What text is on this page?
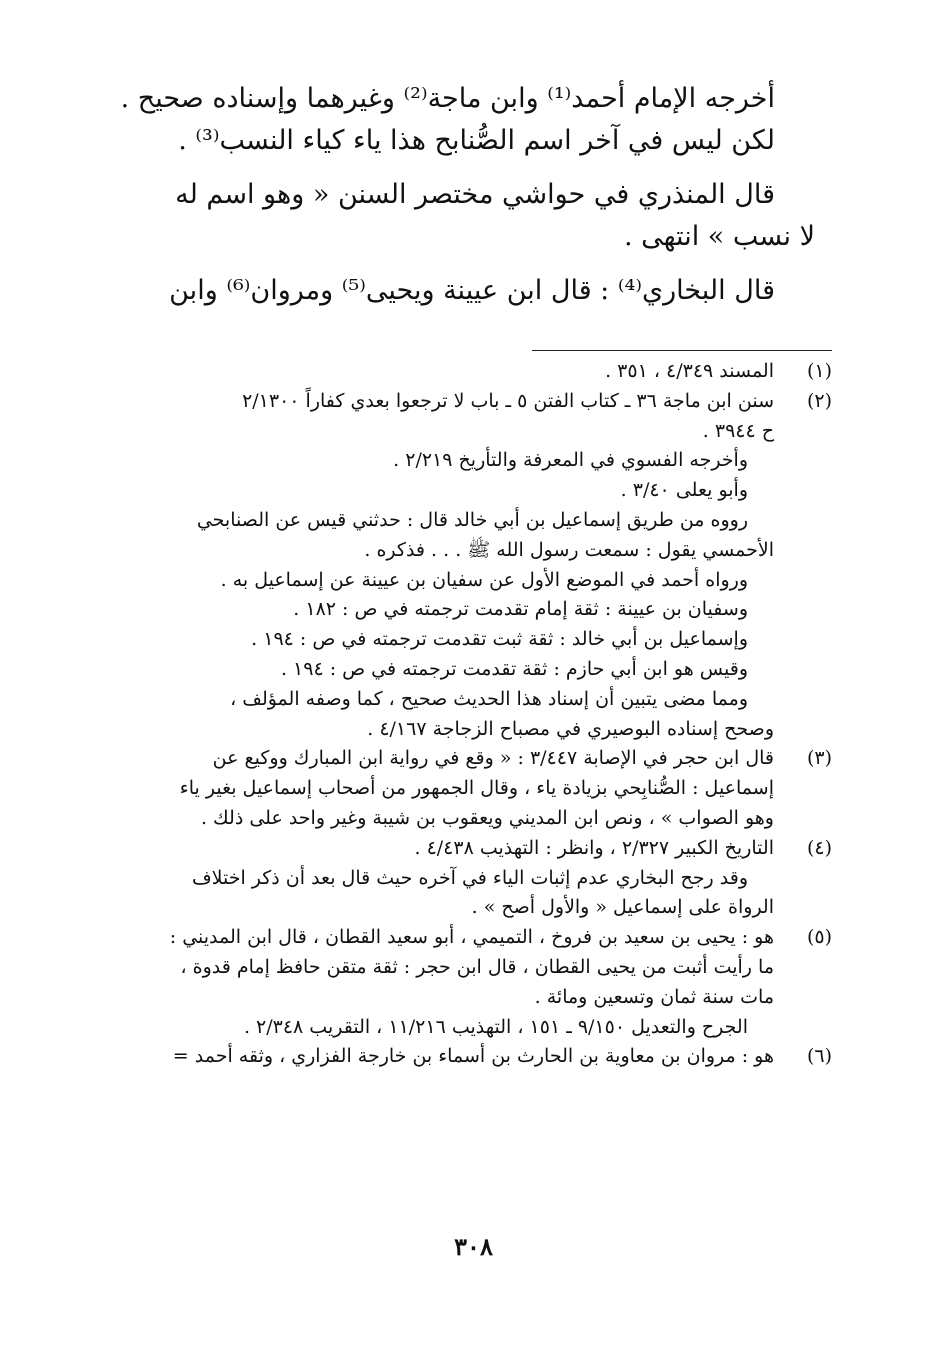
أخرجه الإمام أحمد⁽¹⁾ وابن ماجة⁽²⁾ وغيرهما وإسناده صحيح .

لكن ليس في آخر اسم الصُّنابح هذا ياء كياء النسب⁽³⁾ .

قال المنذري في حواشي مختصر السنن « وهو اسم له

لا نسب » انتهى .

قال البخاري⁽⁴⁾ : قال ابن عيينة ويحيى⁽⁵⁾ ومروان⁽⁶⁾ وابن

(١)

المسند ٤/٣٤٩ ، ٣٥١ .

(٢)

سنن ابن ماجة ٣٦ ـ كتاب الفتن ٥ ـ باب لا ترجعوا بعدي كفاراً ٢/١٣٠٠

ح ٣٩٤٤ .

وأخرجه الفسوي في المعرفة والتأريخ ٢/٢١٩ .

وأبو يعلى ٣/٤٠ .

رووه من طريق إسماعيل بن أبي خالد قال : حدثني قيس عن الصنابحي

الأحمسي يقول : سمعت رسول الله ﷺ . . . فذكره .

ورواه أحمد في الموضع الأول عن سفيان بن عيينة عن إسماعيل به .

وسفيان بن عيينة : ثقة إمام تقدمت ترجمته في ص : ١٨٢ .

وإسماعيل بن أبي خالد : ثقة ثبت تقدمت ترجمته في ص : ١٩٤ .

وقيس هو ابن أبي حازم : ثقة تقدمت ترجمته في ص : ١٩٤ .

ومما مضى يتبين أن إسناد هذا الحديث صحيح ، كما وصفه المؤلف ،

وصحح إسناده البوصيري في مصباح الزجاجة ٤/١٦٧ .

(٣)

قال ابن حجر في الإصابة ٣/٤٤٧ : « وقع في رواية ابن المبارك ووكيع عن

إسماعيل : الصُّنابِحي بزيادة ياء ، وقال الجمهور من أصحاب إسماعيل بغير ياء

وهو الصواب » ، ونص ابن المديني ويعقوب بن شيبة وغير واحد على ذلك .

(٤)

التاريخ الكبير ٢/٣٢٧ ، وانظر : التهذيب ٤/٤٣٨ .

وقد رجح البخاري عدم إثبات الياء في آخره حيث قال بعد أن ذكر اختلاف

الرواة على إسماعيل « والأول أصح » .

(٥)

هو : يحيى بن سعيد بن فروخ ، التميمي ، أبو سعيد القطان ، قال ابن المديني :

ما رأيت أثبت من يحيى القطان ، قال ابن حجر : ثقة متقن حافظ إمام قدوة ،

مات سنة ثمان وتسعين ومائة .

الجرح والتعديل ٩/١٥٠ ـ ١٥١ ، التهذيب ١١/٢١٦ ، التقريب ٢/٣٤٨ .

(٦)

هو : مروان بن معاوية بن الحارث بن أسماء بن خارجة الفزاري ، وثقه أحمد =

٣٠٨
